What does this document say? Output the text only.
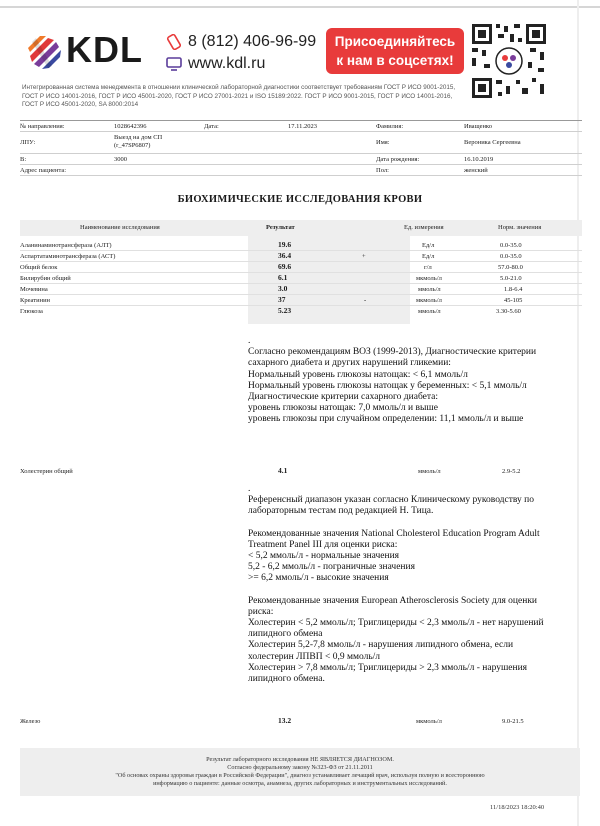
KDL	8 (812) 406-96-99
www.kdl.ru
Присоединяйтесь
к нам в соцсетях!
Интегрированная система менеджмента в отношении клинической лабораторной диагностики соответствует требованиям ГОСТ Р ИСО 9001-2015, ГОСТ Р ИСО 14001-2016, ГОСТ Р ИСО 45001-2020, ГОСТ Р ИСО 27001-2021 и ISO 15189:2022. ГОСТ Р ИСО 9001-2015, ГОСТ Р ИСО 14001-2016, ГОСТ Р ИСО 45001-2020, SA 8000:2014
№ направления:	1028642396	Дата:	17.11.2023	Фамилия:	Иващенко
ЛПУ:
Выезд на дом СП
(r_47SP6807)	Имя:	Вероника Сергеевна
В:	3000	Дата рождения:	16.10.2019
Адрес пациента:	Пол:	женский
БИОХИМИЧЕСКИЕ ИССЛЕДОВАНИЯ КРОВИ
Наименование исследования	Результат	Ед. измерения	Норм. значения
Аланинаминотрансфераза (АЛТ)	19.6	Ед/л	0.0-35.0
Аспартатаминотрансфераза (АСТ)	36.4	+	Ед/л	0.0-35.0
Общий белок	69.6	г/л	57.0-80.0
Билирубин общий	6.1	мкмоль/л	5.0-21.0
Мочевина	3.0	ммоль/л	1.8-6.4
Креатинин	37	-	мкмоль/л	45-105
Глюкоза	5.23	ммоль/л	3.30-5.60

.

Согласно рекомендациям ВОЗ (1999-2013), Диагностические критерии сахарного диабета и других нарушений гликемии:
Нормальный уровень глюкозы натощак: < 6,1 ммоль/л
Нормальный уровень глюкозы натощак у беременных: < 5,1 ммоль/л
Диагностические критерии сахарного диабета:
уровень глюкозы натощак: 7,0 ммоль/л и выше
уровень глюкозы при случайном определении: 11,1 ммоль/л и выше

Холестерин общий	4.1	ммоль/л	2.9-5.2

.

Референсный диапазон указан согласно Клиническому руководству по лабораторным тестам под редакцией Н. Тица.

Рекомендованные значения National Cholesterol Education Program Adult Treatment Panel III для оценки риска:
< 5,2 ммоль/л - нормальные значения
5,2 - 6,2 ммоль/л - пограничные значения
>= 6,2 ммоль/л - высокие значения

Рекомендованные значения European Atherosclerosis Society для оценки риска:
Холестерин < 5,2 ммоль/л; Триглицериды < 2,3 ммоль/л - нет нарушений липидного обмена
Холестерин 5,2-7,8 ммоль/л - нарушения липидного обмена, если холестерин ЛПВП < 0,9 ммоль/л
Холестерин > 7,8 ммоль/л; Триглицериды > 2,3 ммоль/л - нарушения липидного обмена.

Железо	13.2	мкмоль/л	9.0-21.5
Результат лабораторного исследования НЕ ЯВЛЯЕТСЯ ДИАГНОЗОМ.
Согласно федеральному закону №323-ФЗ от 21.11.2011
"Об основах охраны здоровья граждан в Российской Федерации", диагноз устанавливает лечащий врач, используя полную и всестороннюю
информацию о пациенте: данные осмотра, анамнеза, других лабораторных и инструментальных исследований.
11/18/2023 18:20:40
